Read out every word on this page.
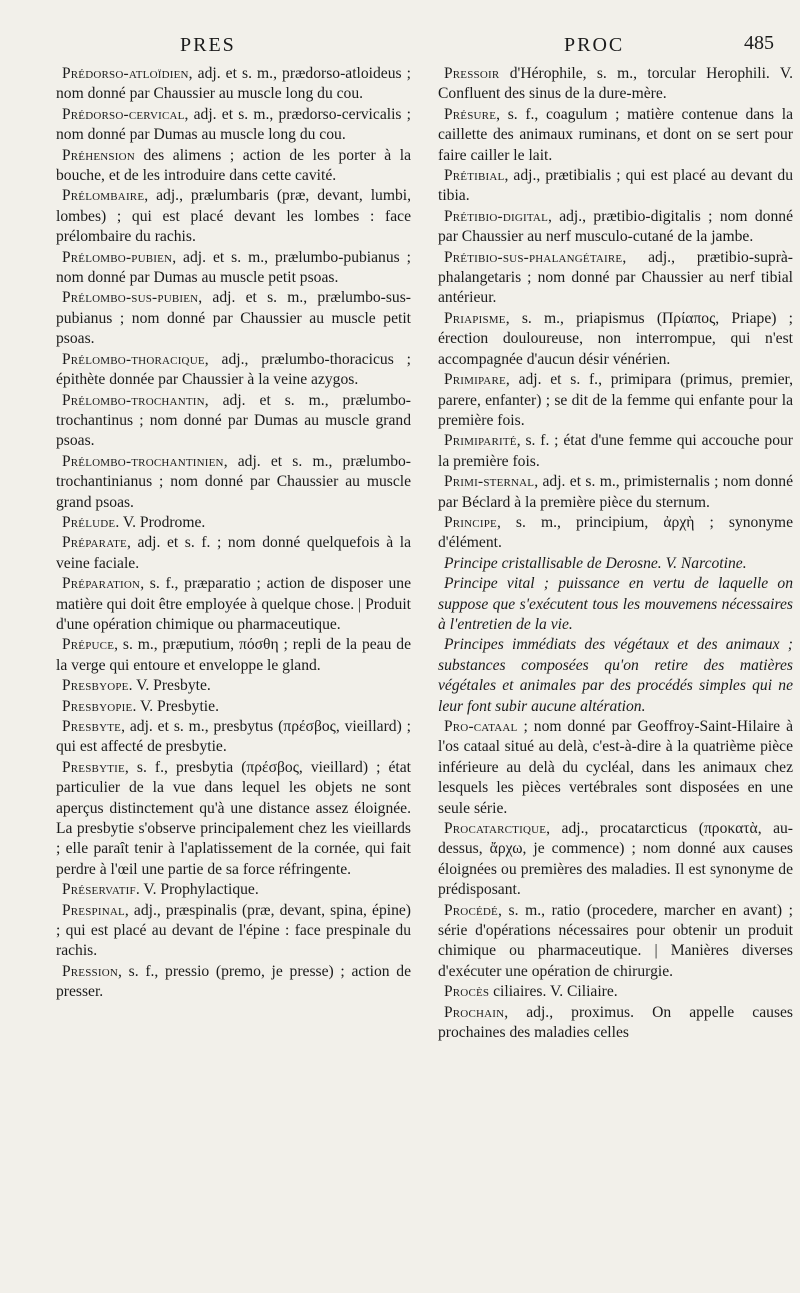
PRES	PROC	485
Prédorso-atloïdien, adj. et s. m., prædorso-atloideus ; nom donné par Chaussier au muscle long du cou.
Prédorso-cervical, adj. et s. m., prædorso-cervicalis ; nom donné par Dumas au muscle long du cou.
Préhension des alimens ; action de les porter à la bouche, et de les introduire dans cette cavité.
Prélombaire, adj., prælumbaris (præ, devant, lumbi, lombes) ; qui est placé devant les lombes : face prélombaire du rachis.
Prélombo-pubien, adj. et s. m., prælumbo-pubianus ; nom donné par Dumas au muscle petit psoas.
Prélombo-sus-pubien, adj. et s. m., prælumbo-sus-pubianus ; nom donné par Chaussier au muscle petit psoas.
Prélombo-thoracique, adj., prælumbo-thoracicus ; épithète donnée par Chaussier à la veine azygos.
Prélombo-trochantin, adj. et s. m., prælumbo-trochantinus ; nom donné par Dumas au muscle grand psoas.
Prélombo-trochantinien, adj. et s. m., prælumbo-trochantinianus ; nom donné par Chaussier au muscle grand psoas.
Prélude. V. Prodrome.
Préparate, adj. et s. f. ; nom donné quelquefois à la veine faciale.
Préparation, s. f., præparatio ; action de disposer une matière qui doit être employée à quelque chose. | Produit d'une opération chimique ou pharmaceutique.
Prépuce, s. m., præputium, πόσθη ; repli de la peau de la verge qui entoure et enveloppe le gland.
Presbyope. V. Presbyte.
Presbyopie. V. Presbytie.
Presbyte, adj. et s. m., presbytus (πρέσβος, vieillard) ; qui est affecté de presbytie.
Presbytie, s. f., presbytia (πρέσβος, vieillard) ; état particulier de la vue dans lequel les objets ne sont aperçus distinctement qu'à une distance assez éloignée. La presbytie s'observe principalement chez les vieillards ; elle paraît tenir à l'aplatissement de la cornée, qui fait perdre à l'œil une partie de sa force réfringente.
Préservatif. V. Prophylactique.
Prespinal, adj., præspinalis (præ, devant, spina, épine) ; qui est placé au devant de l'épine : face prespinale du rachis.
Pression, s. f., pressio (premo, je presse) ; action de presser.
Pressoir d'Hérophile, s. m., torcular Herophili. V. Confluent des sinus de la dure-mère.
Présure, s. f., coagulum ; matière contenue dans la caillette des animaux ruminans, et dont on se sert pour faire cailler le lait.
Prétibial, adj., prætibialis ; qui est placé au devant du tibia.
Prétibio-digital, adj., prætibio-digitalis ; nom donné par Chaussier au nerf musculo-cutané de la jambe.
Prétibio-sus-phalangétaire, adj., prætibio-suprà-phalangetaris ; nom donné par Chaussier au nerf tibial antérieur.
Priapisme, s. m., priapismus (Πρίαπος, Priape) ; érection douloureuse, non interrompue, qui n'est accompagnée d'aucun désir vénérien.
Primipare, adj. et s. f., primipara (primus, premier, parere, enfanter) ; se dit de la femme qui enfante pour la première fois.
Primiparité, s. f. ; état d'une femme qui accouche pour la première fois.
Primi-sternal, adj. et s. m., primisternalis ; nom donné par Béclard à la première pièce du sternum.
Principe, s. m., principium, ἀρχὴ ; synonyme d'élément.
Principe cristallisable de Derosne. V. Narcotine.
Principe vital ; puissance en vertu de laquelle on suppose que s'exécutent tous les mouvemens nécessaires à l'entretien de la vie.
Principes immédiats des végétaux et des animaux ; substances composées qu'on retire des matières végétales et animales par des procédés simples qui ne leur font subir aucune altération.
Pro-cataal ; nom donné par Geoffroy-Saint-Hilaire à l'os cataal situé au delà, c'est-à-dire à la quatrième pièce inférieure au delà du cycléal, dans les animaux chez lesquels les pièces vertébrales sont disposées en une seule série.
Procatarctique, adj., procatarcticus (προκατὰ, au-dessus, ἄρχω, je commence) ; nom donné aux causes éloignées ou premières des maladies. Il est synonyme de prédisposant.
Procédé, s. m., ratio (procedere, marcher en avant) ; série d'opérations nécessaires pour obtenir un produit chimique ou pharmaceutique. | Manières diverses d'exécuter une opération de chirurgie.
Procès ciliaires. V. Ciliaire.
Prochain, adj., proximus. On appelle causes prochaines des maladies celles
